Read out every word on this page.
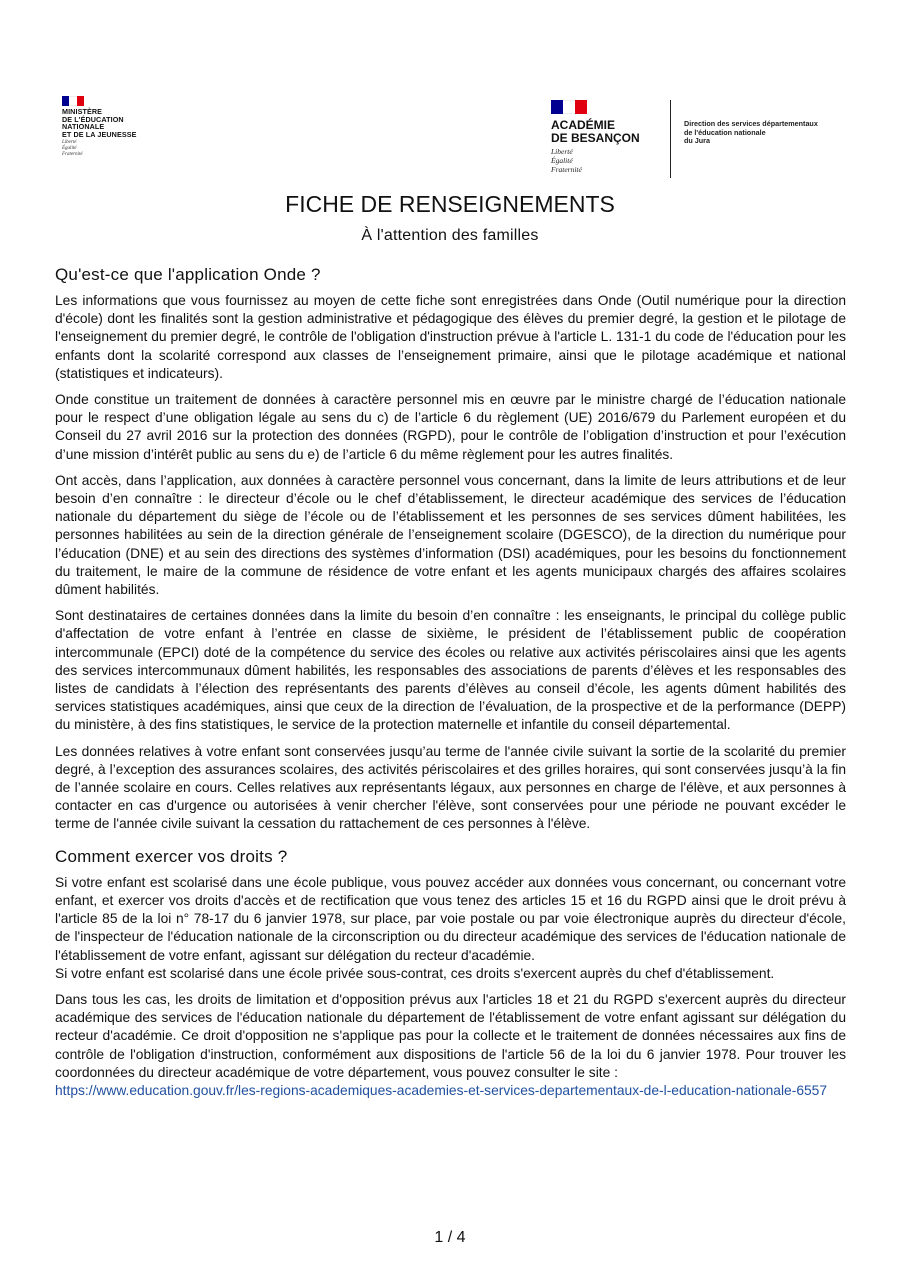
MINISTÈRE
DE L'ÉDUCATION
NATIONALE
ET DE LA JEUNESSE
Liberté
Égalité
Fraternité
ACADÉMIE
DE BESANÇON
Liberté
Égalité
Fraternité
Direction des services départementaux
de l'éducation nationale
du Jura
FICHE DE RENSEIGNEMENTS
À l'attention des familles
Qu'est-ce que l'application Onde ?

Les informations que vous fournissez au moyen de cette fiche sont enregistrées dans Onde (Outil numérique pour la direction d'école) dont les finalités sont la gestion administrative et pédagogique des élèves du premier degré, la gestion et le pilotage de l'enseignement du premier degré, le contrôle de l'obligation d'instruction prévue à l'article L. 131-1 du code de l'éducation pour les enfants dont la scolarité correspond aux classes de l’enseignement primaire, ainsi que le pilotage académique et national (statistiques et indicateurs).

Onde constitue un traitement de données à caractère personnel mis en œuvre par le ministre chargé de l’éducation nationale pour le respect d’une obligation légale au sens du c) de l’article 6 du règlement (UE) 2016/679 du Parlement européen et du Conseil du 27 avril 2016 sur la protection des données (RGPD), pour le contrôle de l’obligation d’instruction et pour l’exécution d’une mission d’intérêt public au sens du e) de l’article 6 du même règlement pour les autres finalités.

Ont accès, dans l’application, aux données à caractère personnel vous concernant, dans la limite de leurs attributions et de leur besoin d’en connaître : le directeur d’école ou le chef d’établissement, le directeur académique des services de l’éducation nationale du département du siège de l’école ou de l’établissement et les personnes de ses services dûment habilitées, les personnes habilitées au sein de la direction générale de l’enseignement scolaire (DGESCO), de la direction du numérique pour l’éducation (DNE) et au sein des directions des systèmes d’information (DSI) académiques, pour les besoins du fonctionnement du traitement, le maire de la commune de résidence de votre enfant et les agents municipaux chargés des affaires scolaires dûment habilités.

Sont destinataires de certaines données dans la limite du besoin d’en connaître : les enseignants, le principal du collège public d'affectation de votre enfant à l’entrée en classe de sixième, le président de l’établissement public de coopération intercommunale (EPCI) doté de la compétence du service des écoles ou relative aux activités périscolaires ainsi que les agents des services intercommunaux dûment habilités, les responsables des associations de parents d’élèves et les responsables des listes de candidats à l’élection des représentants des parents d’élèves au conseil d’école, les agents dûment habilités des services statistiques académiques, ainsi que ceux de la direction de l’évaluation, de la prospective et de la performance (DEPP) du ministère, à des fins statistiques, le service de la protection maternelle et infantile du conseil départemental.

Les données relatives à votre enfant sont conservées jusqu’au terme de l'année civile suivant la sortie de la scolarité du premier degré, à l’exception des assurances scolaires, des activités périscolaires et des grilles horaires, qui sont conservées jusqu’à la fin de l’année scolaire en cours. Celles relatives aux représentants légaux, aux personnes en charge de l'élève, et aux personnes à contacter en cas d'urgence ou autorisées à venir chercher l'élève, sont conservées pour une période ne pouvant excéder le terme de l'année civile suivant la cessation du rattachement de ces personnes à l'élève.

Comment exercer vos droits ?

Si votre enfant est scolarisé dans une école publique, vous pouvez accéder aux données vous concernant, ou concernant votre enfant, et exercer vos droits d'accès et de rectification que vous tenez des articles 15 et 16 du RGPD ainsi que le droit prévu à l'article 85 de la loi n° 78-17 du 6 janvier 1978, sur place, par voie postale ou par voie électronique auprès du directeur d'école, de l'inspecteur de l'éducation nationale de la circonscription ou du directeur académique des services de l'éducation nationale de l'établissement de votre enfant, agissant sur délégation du recteur d'académie.

Si votre enfant est scolarisé dans une école privée sous-contrat, ces droits s'exercent auprès du chef d'établissement.

Dans tous les cas, les droits de limitation et d'opposition prévus aux l'articles 18 et 21 du RGPD s'exercent auprès du directeur académique des services de l'éducation nationale du département de l'établissement de votre enfant agissant sur délégation du recteur d'académie. Ce droit d'opposition ne s'applique pas pour la collecte et le traitement de données nécessaires aux fins de contrôle de l'obligation d'instruction, conformément aux dispositions de l'article 56 de la loi du 6 janvier 1978. Pour trouver les coordonnées du directeur académique de votre département, vous pouvez consulter le site :

https://www.education.gouv.fr/les-regions-academiques-academies-et-services-departementaux-de-l-education-nationale-6557

1 / 4
